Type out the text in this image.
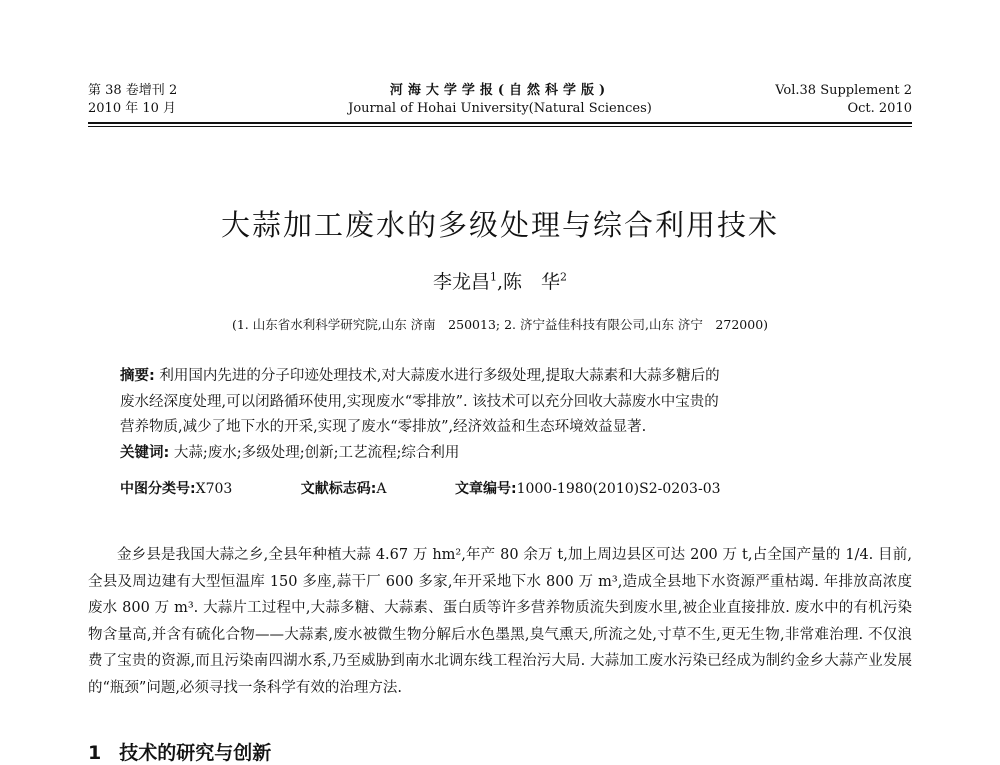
第 38 卷增刊 2
2010 年 10 月
河海大学学报(自然科学版)
Journal of Hohai University(Natural Sciences)
Vol.38 Supplement 2
Oct. 2010
大蒜加工废水的多级处理与综合利用技术
李龙昌$^1$,陈　华$^2$
(1. 山东省水利科学研究院,山东 济南　250013; 2. 济宁益佳科技有限公司,山东 济宁　272000)
摘要: 利用国内先进的分子印迹处理技术,对大蒜废水进行多级处理,提取大蒜素和大蒜多糖后的
废水经深度处理,可以闭路循环使用,实现废水“零排放”. 该技术可以充分回收大蒜废水中宝贵的
营养物质,减少了地下水的开采,实现了废水“零排放”,经济效益和生态环境效益显著.
关键词: 大蒜;废水;多级处理;创新;工艺流程;综合利用
中图分类号:X703	文献标志码:A	文章编号:1000-1980(2010)S2-0203-03

金乡县是我国大蒜之乡,全县年种植大蒜 4.67 万 hm²,年产 80 余万 t,加上周边县区可达 200 万 t,占全国产量的 1/4. 目前,全县及周边建有大型恒温库 150 多座,蒜干厂 600 多家,年开采地下水 800 万 m³,造成全县地下水资源严重枯竭. 年排放高浓度废水 800 万 m³. 大蒜片工过程中,大蒜多糖、大蒜素、蛋白质等许多营养物质流失到废水里,被企业直接排放. 废水中的有机污染物含量高,并含有硫化合物——大蒜素,废水被微生物分解后水色墨黑,臭气熏天,所流之处,寸草不生,更无生物,非常难治理. 不仅浪费了宝贵的资源,而且污染南四湖水系,乃至威胁到南水北调东线工程治污大局. 大蒜加工废水污染已经成为制约金乡大蒜产业发展的“瓶颈”问题,必须寻找一条科学有效的治理方法.

1 技术的研究与创新
